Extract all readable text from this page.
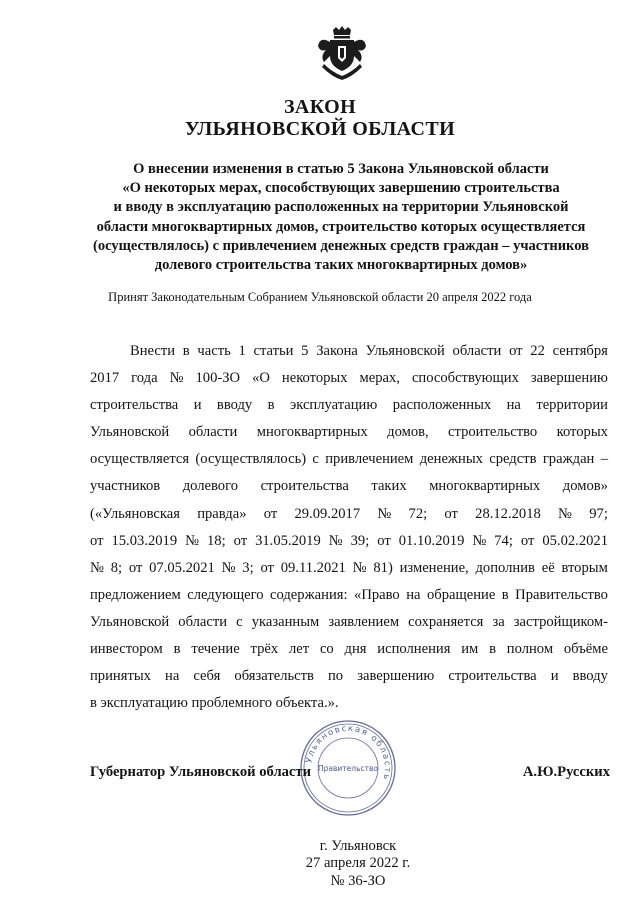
ЗАКОН
УЛЬЯНОВСКОЙ ОБЛАСТИ
О внесении изменения в статью 5 Закона Ульяновской области
«О некоторых мерах, способствующих завершению строительства
и вводу в эксплуатацию расположенных на территории Ульяновской
области многоквартирных домов, строительство которых осуществляется
(осуществлялось) с привлечением денежных средств граждан – участников
долевого строительства таких многоквартирных домов»
Принят Законодательным Собранием Ульяновской области 20 апреля 2022 года
Внести в часть 1 статьи 5 Закона Ульяновской области от 22 сентября
2017 года № 100-ЗО «О некоторых мерах, способствующих завершению
строительства и вводу в эксплуатацию расположенных на территории
Ульяновской области многоквартирных домов, строительство которых
осуществляется (осуществлялось) с привлечением денежных средств граждан –
участников долевого строительства таких многоквартирных домов»
(«Ульяновская правда» от 29.09.2017 № 72; от 28.12.2018 № 97;
от 15.03.2019 № 18; от 31.05.2019 № 39; от 01.10.2019 № 74; от 05.02.2021
№ 8; от 07.05.2021 № 3; от 09.11.2021 № 81) изменение, дополнив её вторым
предложением следующего содержания: «Право на обращение в Правительство
Ульяновской области с указанным заявлением сохраняется за застройщиком-
инвестором в течение трёх лет со дня исполнения им в полном объёме
принятых на себя обязательств по завершению строительства и вводу
в эксплуатацию проблемного объекта.».
Ульяновская область
Правительство
Губернатор Ульяновской области	А.Ю.Русских
г. Ульяновск
27 апреля 2022 г.
№ 36-ЗО
